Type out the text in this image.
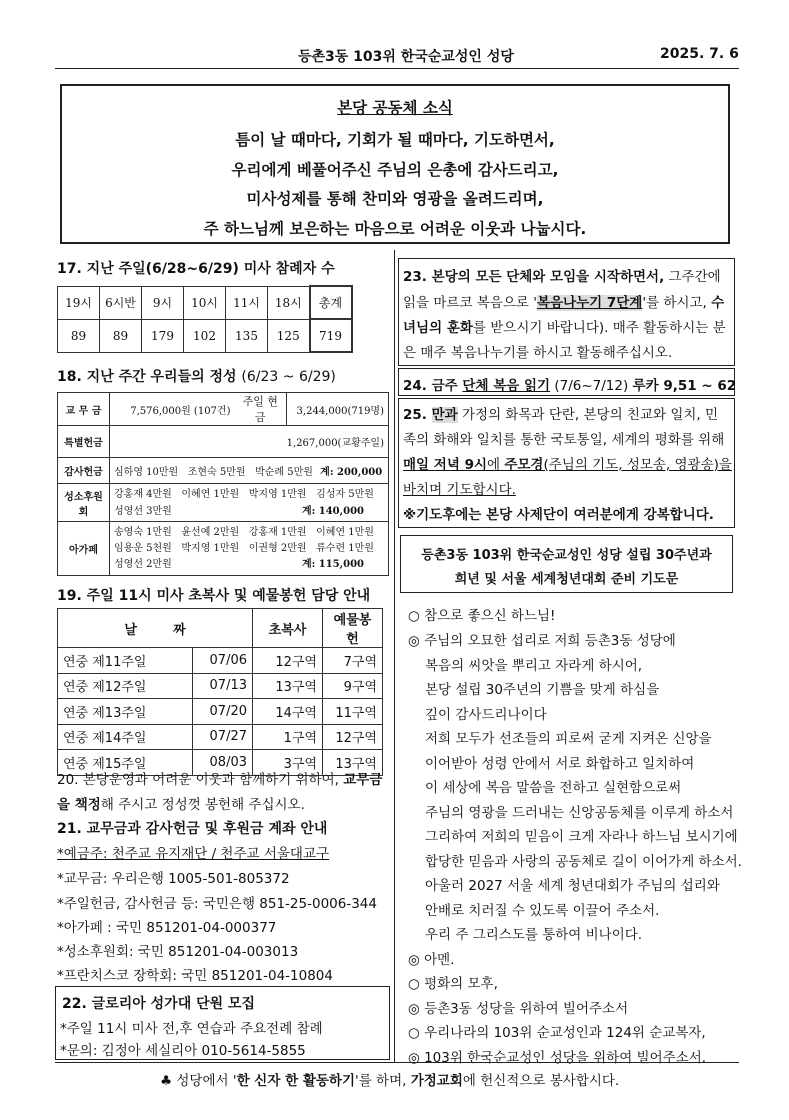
등촌3동 103위 한국순교성인 성당	2025. 7. 6
본당 공동체 소식
틈이 날 때마다, 기회가 될 때마다, 기도하면서,
우리에게 베풀어주신 주님의 은총에 감사드리고,
미사성제를 통해 찬미와 영광을 올려드리며,
주 하느님께 보은하는 마음으로 어려운 이웃과 나눕시다.
17. 지난 주일(6/28~6/29) 미사 참례자 수
19시	6시반	9시	10시	11시	18시	총계
89	89	179	102	135	125	719
18. 지난 주간 우리들의 정성 (6/23 ~ 6/29)
교 무 금	7,576,000원 (107건)	주일 현금	3,244,000(719명)
특별헌금	1,267,000(교황주일)		
감사헌금	심하영 10만원   조현숙 5만원   박순례 5만원 계: 200,000		
성소후원회	강홍재 4만원   이혜연 1만원   박지영 1만원   김성자 5만원
성영선 3만원 계: 140,000		

아가페	송영숙 1만원   윤선예 2만원   강홍재 1만원   이혜연 1만원
임용운 5천원   박지영 1만원   이권형 2만원   류수련 1만원
성영선 2만원 계: 115,000		
19. 주일 11시 미사 초복사 및 예물봉헌 담당 안내
날        짜		초복사	예물봉헌
연중 제11주일	07/06	12구역	7구역
연중 제12주일	07/13	13구역	9구역
연중 제13주일	07/20	14구역	11구역
연중 제14주일	07/27	1구역	12구역
연중 제15주일	08/03	3구역	13구역
20. 본당운영과 어려운 이웃과 함께하기 위하여, 교무금
을 책정해 주시고 정성껏 봉헌해 주십시오.
21. 교무금과 감사헌금 및 후원금 계좌 안내
*예금주: 천주교 유지재단 / 천주교 서울대교구
*교무금: 우리은행 1005-501-805372
*주일헌금, 감사헌금 등: 국민은행 851-25-0006-344
*아가페 : 국민 851201-04-000377
*성소후원회: 국민 851201-04-003013
*프란치스코 장학회: 국민 851201-04-10804
22. 글로리아 성가대 단원 모집
*주일 11시 미사 전,후 연습과 주요전례 참례
*문의: 김정아 세실리아 010-5614-5855
23. 본당의 모든 단체와 모임을 시작하면서, 그주간에
읽을 마르코 복음으로 '복음나누기 7단계'를 하시고, 수
녀님의 훈화를 받으시기 바랍니다). 매주 활동하시는 분
은 매주 복음나누기를 하시고 활동해주십시오.
24. 금주 단체 복음 읽기 (7/6~7/12) 루카 9,51 ~ 62
25. 만과 가정의 화목과 단란, 본당의 친교와 일치, 민
족의 화해와 일치를 통한 국토통일, 세계의 평화를 위해
매일 저녁 9시에 주모경(주님의 기도, 성모송, 영광송)을
바치며 기도합시다.
※기도후에는 본당 사제단이 여러분에게 강복합니다.
등촌3동 103위 한국순교성인 성당 설립 30주년과
희년 및 서울 세계청년대회 준비 기도문
○ 참으로 좋으신 하느님!
◎ 주님의 오묘한 섭리로 저희 등촌3동 성당에
복음의 씨앗을 뿌리고 자라게 하시어,
본당 설립 30주년의 기쁨을 맞게 하심을
깊이 감사드리나이다
저희 모두가 선조들의 피로써 굳게 지켜온 신앙을
이어받아 성령 안에서 서로 화합하고 일치하여
이 세상에 복음 말씀을 전하고 실현함으로써
주님의 영광을 드러내는 신앙공동체를 이루게 하소서
그리하여 저희의 믿음이 크게 자라나 하느님 보시기에
합당한 믿음과 사랑의 공동체로 길이 이어가게 하소서.
아울러 2027 서울 세계 청년대회가 주님의 섭리와
안배로 치러질 수 있도록 이끌어 주소서.
우리 주 그리스도를 통하여 비나이다.
◎ 아멘.
○ 평화의 모후,
◎ 등촌3동 성당을 위하여 빌어주소서
○ 우리나라의 103위 순교성인과 124위 순교복자,
◎ 103위 한국순교성인 성당을 위하여 빌어주소서.
♣ 성당에서 '한 신자 한 활동하기'를 하며, 가정교회에 헌신적으로 봉사합시다.
